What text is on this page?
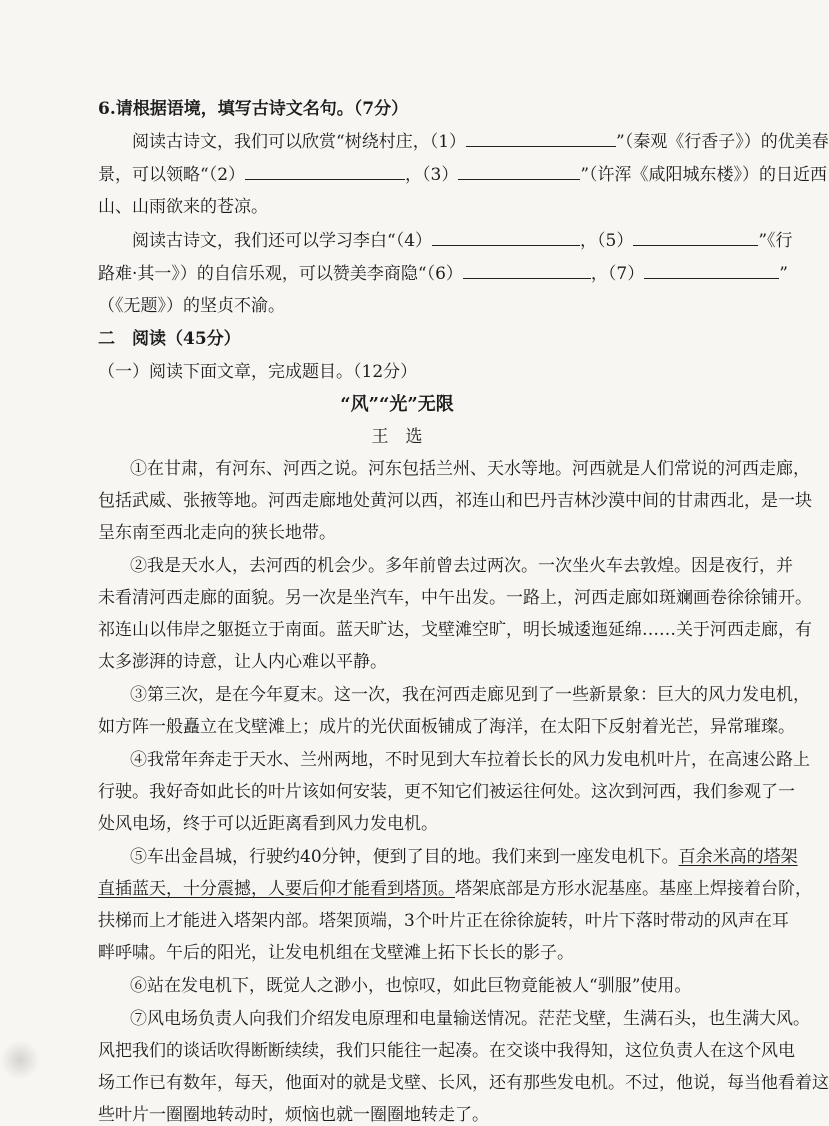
6.请根据语境，填写古诗文名句。（7分）
阅读古诗文，我们可以欣赏“树绕村庄，（1）	”（秦观《行香子》）的优美春
景，可以领略“（2）	，（3）	”（许浑《咸阳城东楼》）的日近西
山、山雨欲来的苍凉。
阅读古诗文，我们还可以学习李白“（4）	，（5）	”《行
路难·其一》）的自信乐观，可以赞美李商隐“（6）	，（7）	”
（《无题》）的坚贞不渝。
二　阅读（45分）
（一）阅读下面文章，完成题目。（12分）
“风”“光”无限
王　选
①在甘肃，有河东、河西之说。河东包括兰州、天水等地。河西就是人们常说的河西走廊，
包括武威、张掖等地。河西走廊地处黄河以西，祁连山和巴丹吉林沙漠中间的甘肃西北，是一块
呈东南至西北走向的狭长地带。
②我是天水人，去河西的机会少。多年前曾去过两次。一次坐火车去敦煌。因是夜行，并
未看清河西走廊的面貌。另一次是坐汽车，中午出发。一路上，河西走廊如斑斓画卷徐徐铺开。
祁连山以伟岸之躯挺立于南面。蓝天旷达，戈壁滩空旷，明长城逶迤延绵……关于河西走廊，有
太多澎湃的诗意，让人内心难以平静。
③第三次，是在今年夏末。这一次，我在河西走廊见到了一些新景象：巨大的风力发电机，
如方阵一般矗立在戈壁滩上；成片的光伏面板铺成了海洋，在太阳下反射着光芒，异常璀璨。
④我常年奔走于天水、兰州两地，不时见到大车拉着长长的风力发电机叶片，在高速公路上
行驶。我好奇如此长的叶片该如何安装，更不知它们被运往何处。这次到河西，我们参观了一
处风电场，终于可以近距离看到风力发电机。
⑤车出金昌城，行驶约40分钟，便到了目的地。我们来到一座发电机下。百余米高的塔架
直插蓝天，十分震撼，人要后仰才能看到塔顶。塔架底部是方形水泥基座。基座上焊接着台阶，
扶梯而上才能进入塔架内部。塔架顶端，3个叶片正在徐徐旋转，叶片下落时带动的风声在耳
畔呼啸。午后的阳光，让发电机组在戈壁滩上拓下长长的影子。
⑥站在发电机下，既觉人之渺小，也惊叹，如此巨物竟能被人“驯服”使用。
⑦风电场负责人向我们介绍发电原理和电量输送情况。茫茫戈壁，生满石头，也生满大风。
风把我们的谈话吹得断断续续，我们只能往一起凑。在交谈中我得知，这位负责人在这个风电
场工作已有数年，每天，他面对的就是戈壁、长风，还有那些发电机。不过，他说，每当他看着这
些叶片一圈圈地转动时，烦恼也就一圈圈地转走了。
